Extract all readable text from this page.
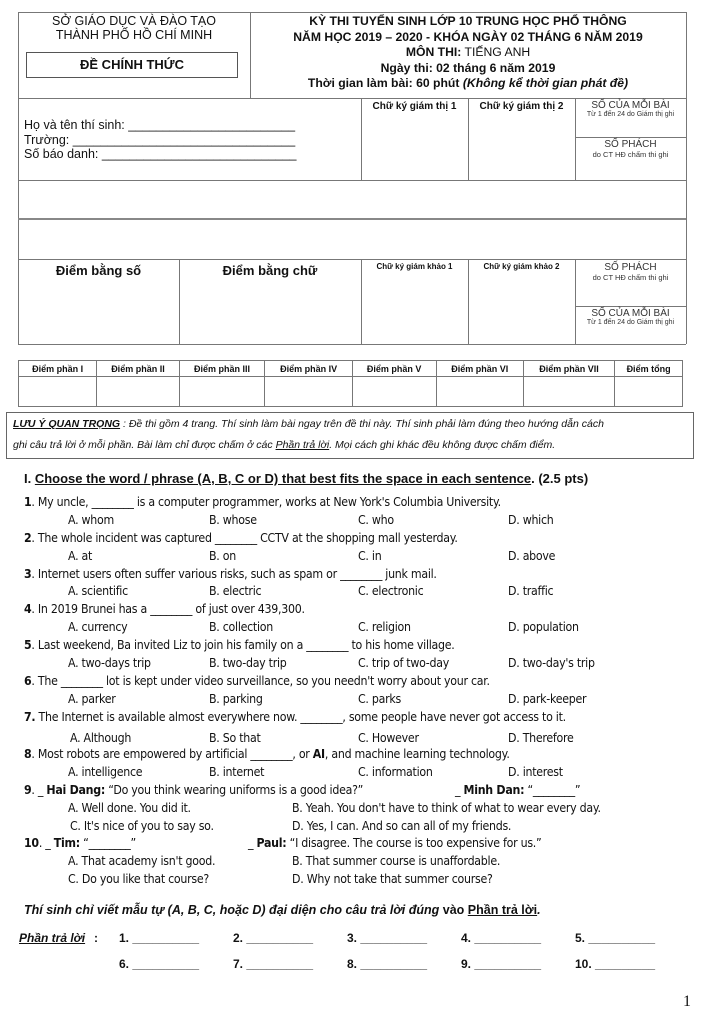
SỞ GIÁO DỤC VÀ ĐÀO TẠO
THÀNH PHỐ HỒ CHÍ MINH
ĐỀ CHÍNH THỨC
KỲ THI TUYỂN SINH LỚP 10 TRUNG HỌC PHỔ THÔNG
NĂM HỌC 2019 – 2020 - KHÓA NGÀY 02 THÁNG 6 NĂM 2019
MÔN THI: TIẾNG ANH
Ngày thi: 02 tháng 6 năm 2019
Thời gian làm bài: 60 phút (Không kể thời gian phát đề)
Họ và tên thí sinh: ________________________
Trường: ________________________________
Số báo danh: ____________________________
Chữ ký giám thị 1	Chữ ký giám thị 2	SỐ CỦA MỖI BÀI
Từ 1 đến 24 do Giám thị ghi
SỐ PHÁCH
do CT HĐ chấm thi ghi
Điểm bằng số	Điểm bằng chữ	Chữ ký giám khảo 1	Chữ ký giám khảo 2	SỐ PHÁCH
do CT HĐ chấm thi ghi
SỐ CỦA MỖI BÀI
Từ 1 đến 24 do Giám thị ghi
Điểm phần I	Điểm phần II	Điểm phần III	Điểm phần IV	Điểm phần V	Điểm phần VI	Điểm phần VII	Điểm tổng

LƯU Ý QUAN TRỌNG : Đề thi gồm 4 trang. Thí sinh làm bài ngay trên đề thi này. Thí sinh phải làm đúng theo hướng dẫn cách
ghi câu trả lời ở mỗi phần. Bài làm chỉ được chấm ở các Phần trả lời. Mọi cách ghi khác đều không được chấm điểm.
I. Choose the word / phrase (A, B, C or D) that best fits the space in each sentence. (2.5 pts)
1. My uncle, ________ is a computer programmer, works at New York's Columbia University.
A. whom	B. whose	C. who	D. which
2. The whole incident was captured ________ CCTV at the shopping mall yesterday.
A. at	B. on	C. in	D. above
3. Internet users often suffer various risks, such as spam or ________ junk mail.
A. scientific	B. electric	C. electronic	D. traffic
4. In 2019 Brunei has a ________ of just over 439,300.
A. currency	B. collection	C. religion	D. population
5. Last weekend, Ba invited Liz to join his family on a ________ to his home village.
A. two-days trip	B. two-day trip	C. trip of two-day	D. two-day's trip
6. The ________ lot is kept under video surveillance, so you needn't worry about your car.
A. parker	B. parking	C. parks	D. park-keeper
7. The Internet is available almost everywhere now. ________, some people have never got access to it.
A. Although	B. So that	C. However	D. Therefore
8. Most robots are empowered by artificial ________, or AI, and machine learning technology.
A. intelligence	B. internet	C. information	D. interest
9. _ Hai Dang: “Do you think wearing uniforms is a good idea?”	_ Minh Dan: “________”
A. Well done. You did it.	B. Yeah. You don't have to think of what to wear every day.
C. It's nice of you to say so.	D. Yes, I can. And so can all of my friends.
10. _ Tim: “________”	_ Paul: “I disagree. The course is too expensive for us.”
A. That academy isn't good.	B. That summer course is unaffordable.
C. Do you like that course?	D. Why not take that summer course?
Thí sinh chỉ viết mẫu tự (A, B, C, hoặc D) đại diện cho câu trả lời đúng vào Phần trả lời.
Phần trả lời : 1. __________	2. __________	3. __________	4. __________	5. __________
6. __________	7. __________	8. __________	9. __________	10. _________
1
